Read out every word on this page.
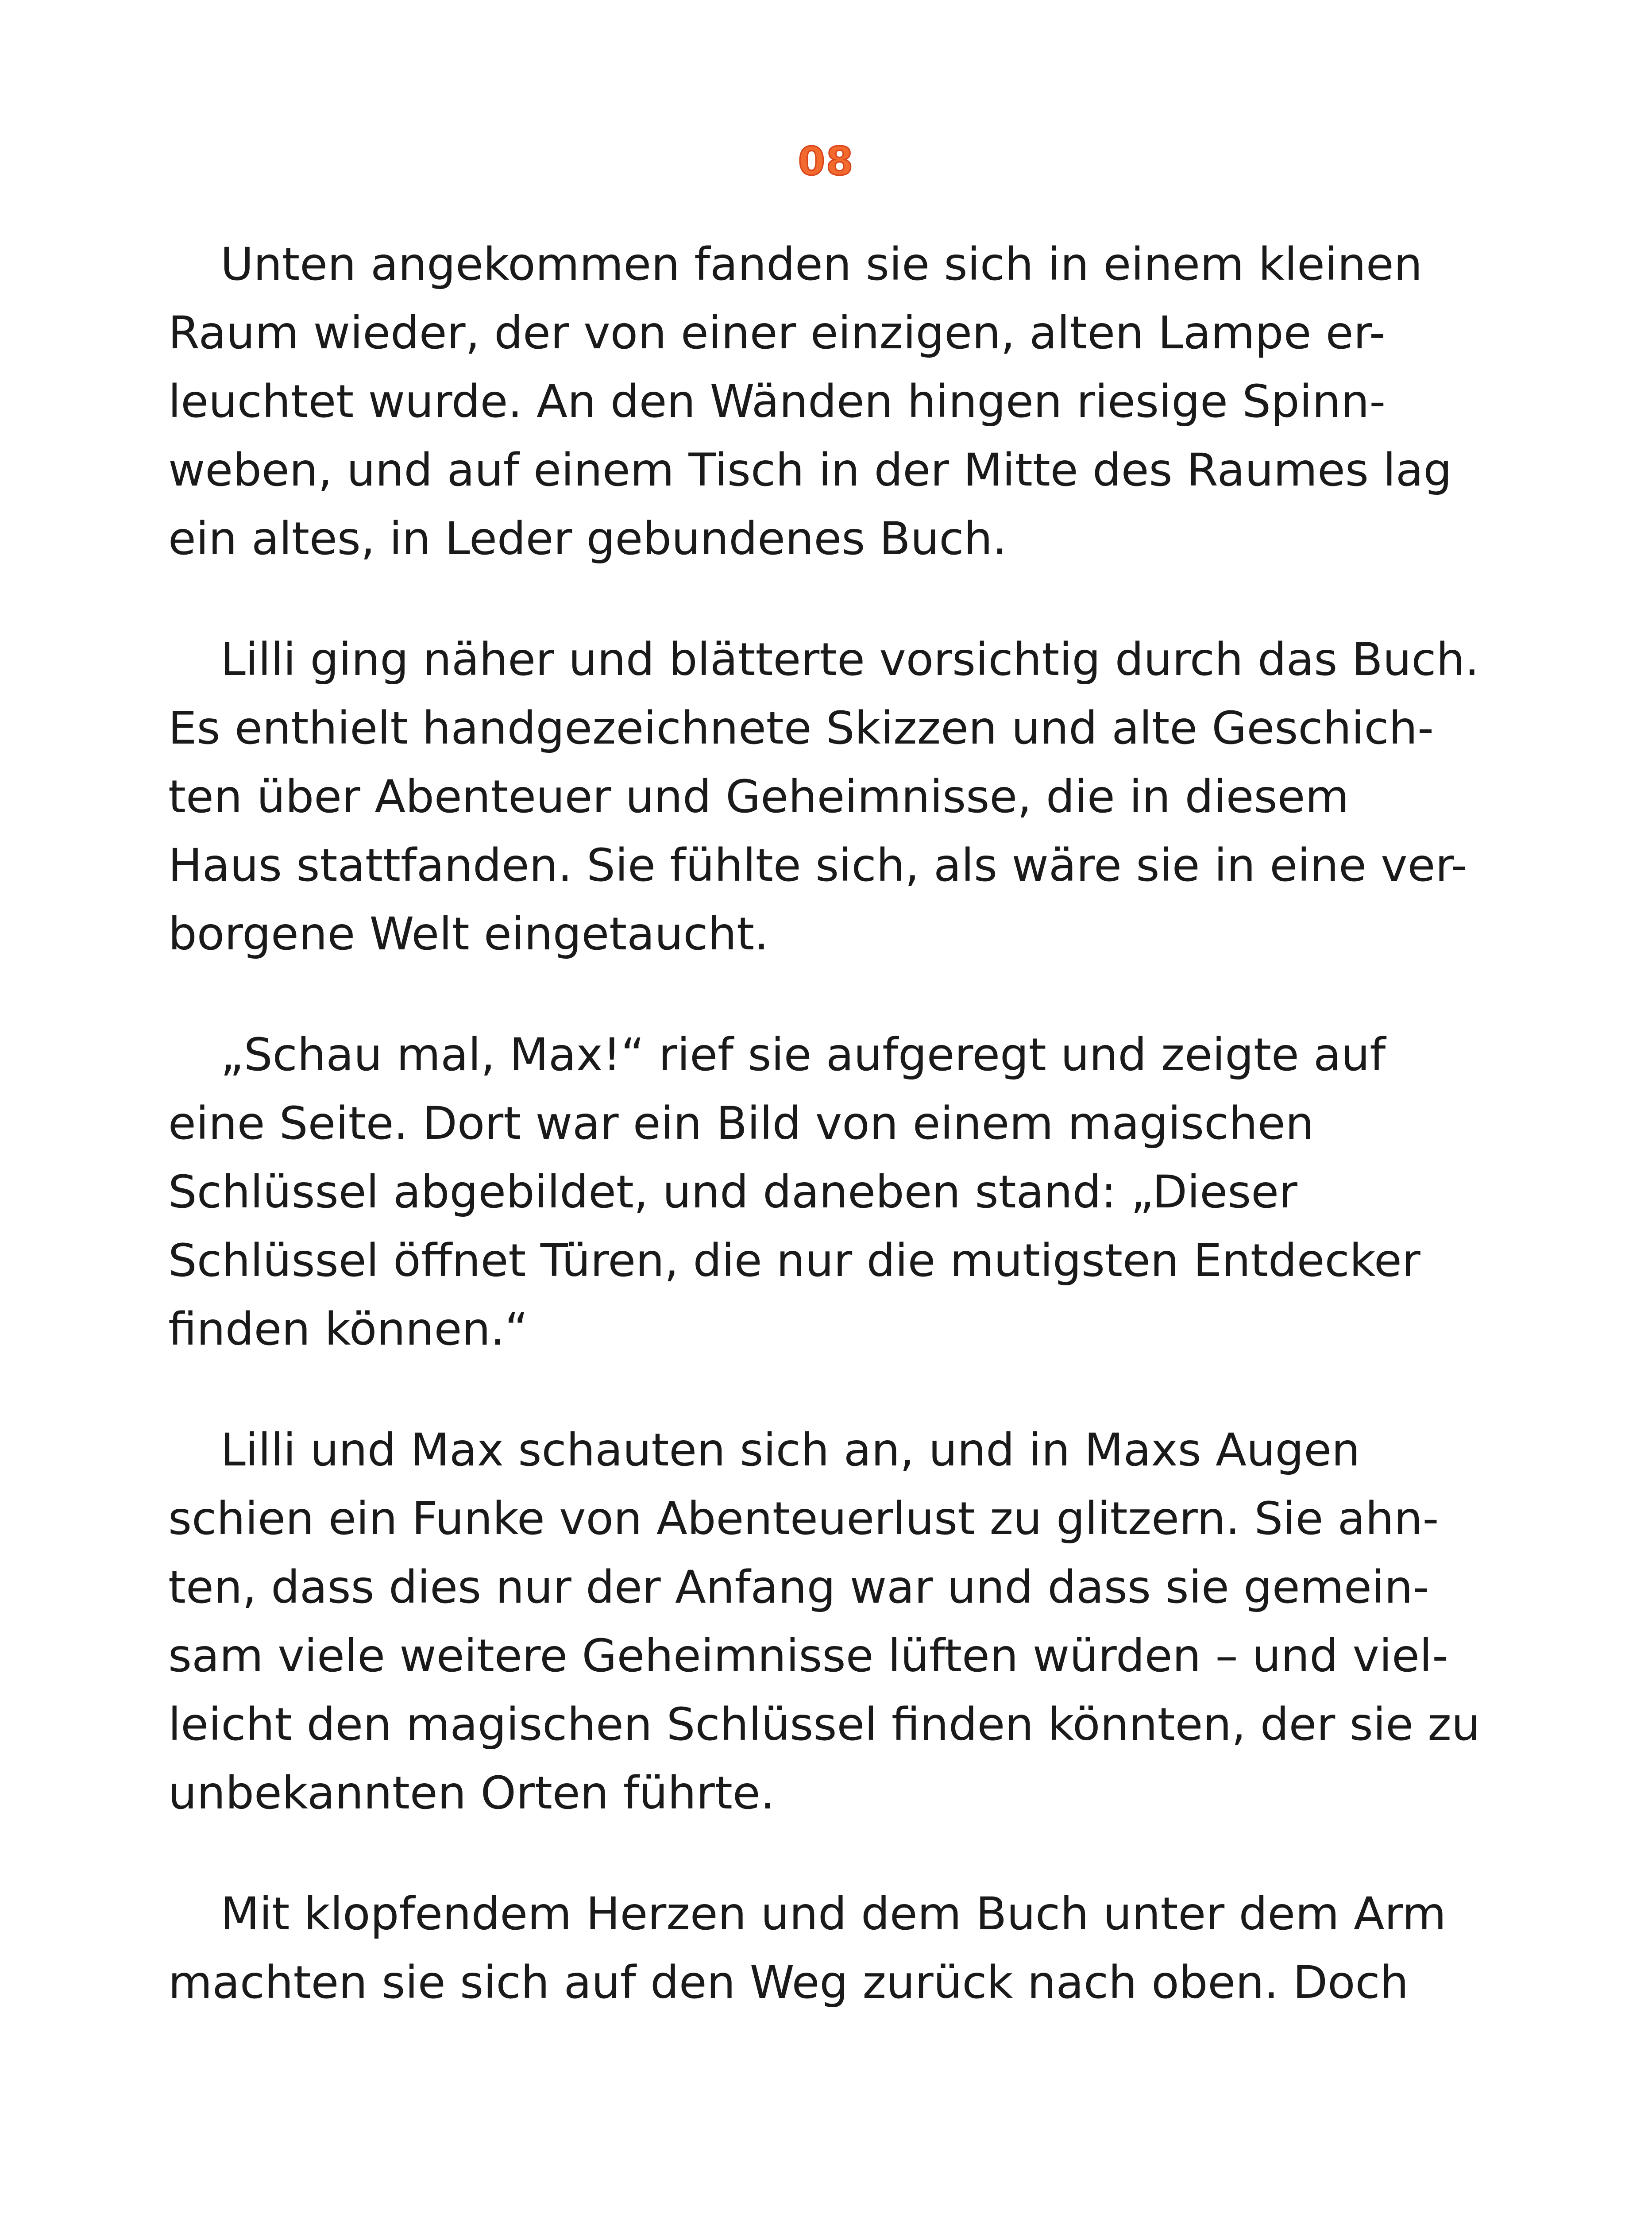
08
Unten angekommen fanden sie sich in einem kleinen
Raum wieder, der von einer einzigen, alten Lampe er-
leuchtet wurde. An den Wänden hingen riesige Spinn-
weben, und auf einem Tisch in der Mitte des Raumes lag
ein altes, in Leder gebundenes Buch.
Lilli ging näher und blätterte vorsichtig durch das Buch.
Es enthielt handgezeichnete Skizzen und alte Geschich-
ten über Abenteuer und Geheimnisse, die in diesem
Haus stattfanden. Sie fühlte sich, als wäre sie in eine ver-
borgene Welt eingetaucht.
„Schau mal, Max!“ rief sie aufgeregt und zeigte auf
eine Seite. Dort war ein Bild von einem magischen
Schlüssel abgebildet, und daneben stand: „Dieser
Schlüssel öffnet Türen, die nur die mutigsten Entdecker
finden können.“
Lilli und Max schauten sich an, und in Maxs Augen
schien ein Funke von Abenteuerlust zu glitzern. Sie ahn-
ten, dass dies nur der Anfang war und dass sie gemein-
sam viele weitere Geheimnisse lüften würden – und viel-
leicht den magischen Schlüssel finden könnten, der sie zu
unbekannten Orten führte.
Mit klopfendem Herzen und dem Buch unter dem Arm
machten sie sich auf den Weg zurück nach oben. Doch
